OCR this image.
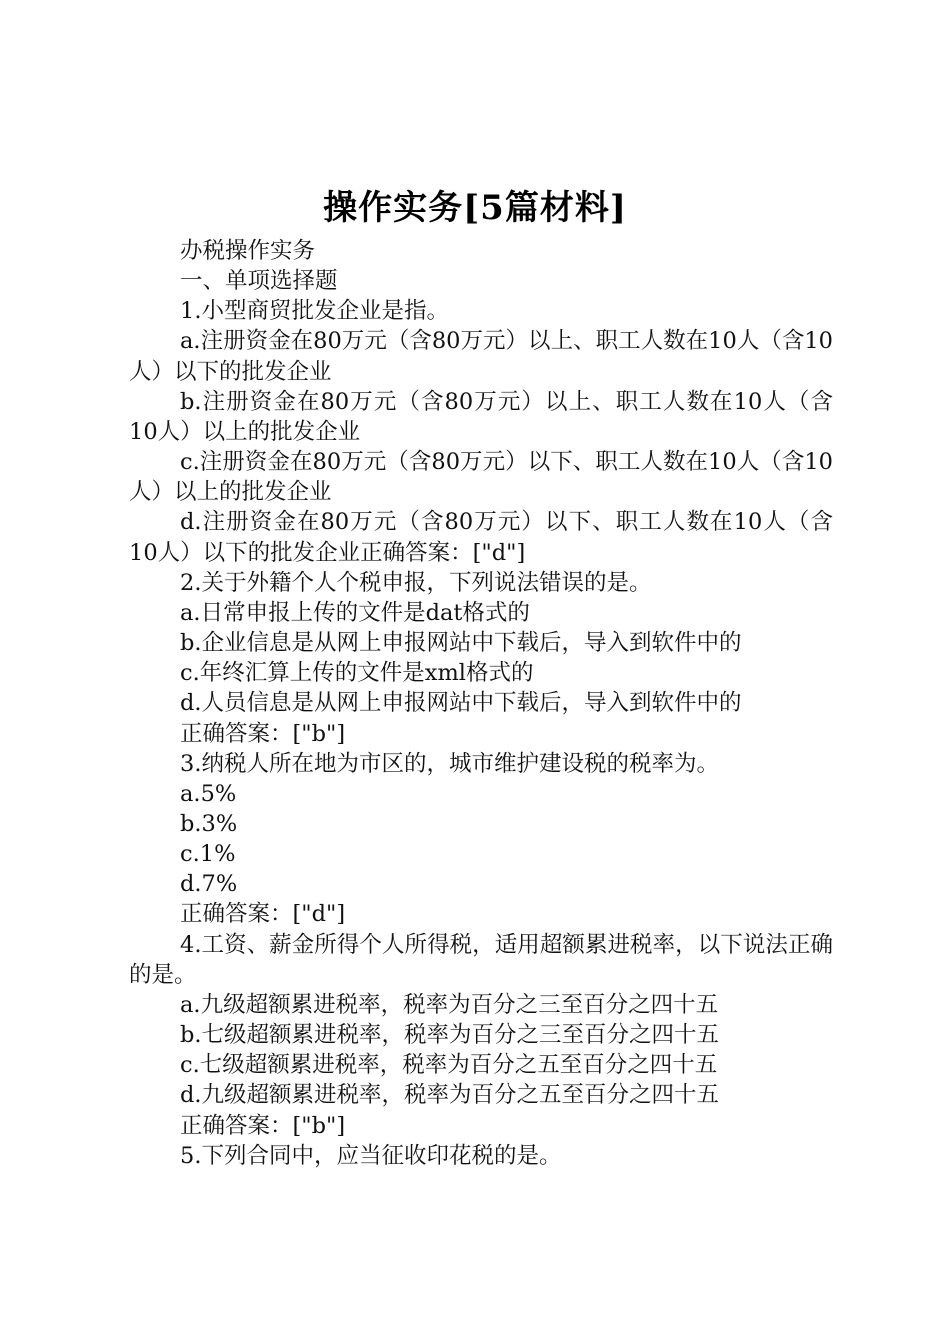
操作实务[5篇材料]

办税操作实务

一、单项选择题

1.小型商贸批发企业是指。

a.注册资金在80万元（含80万元）以上、职工人数在10人（含10人）以下的批发企业

b.注册资金在80万元（含80万元）以上、职工人数在10人（含10人）以上的批发企业

c.注册资金在80万元（含80万元）以下、职工人数在10人（含10人）以上的批发企业

d.注册资金在80万元（含80万元）以下、职工人数在10人（含10人）以下的批发企业正确答案：["d"]

2.关于外籍个人个税申报，下列说法错误的是。

a.日常申报上传的文件是dat格式的

b.企业信息是从网上申报网站中下载后，导入到软件中的

c.年终汇算上传的文件是xml格式的

d.人员信息是从网上申报网站中下载后，导入到软件中的

正确答案：["b"]

3.纳税人所在地为市区的，城市维护建设税的税率为。

a.5%

b.3%

c.1%

d.7%

正确答案：["d"]

4.工资、薪金所得个人所得税，适用超额累进税率，以下说法正确的是。

a.九级超额累进税率，税率为百分之三至百分之四十五

b.七级超额累进税率，税率为百分之三至百分之四十五

c.七级超额累进税率，税率为百分之五至百分之四十五

d.九级超额累进税率，税率为百分之五至百分之四十五

正确答案：["b"]

5.下列合同中，应当征收印花税的是。
